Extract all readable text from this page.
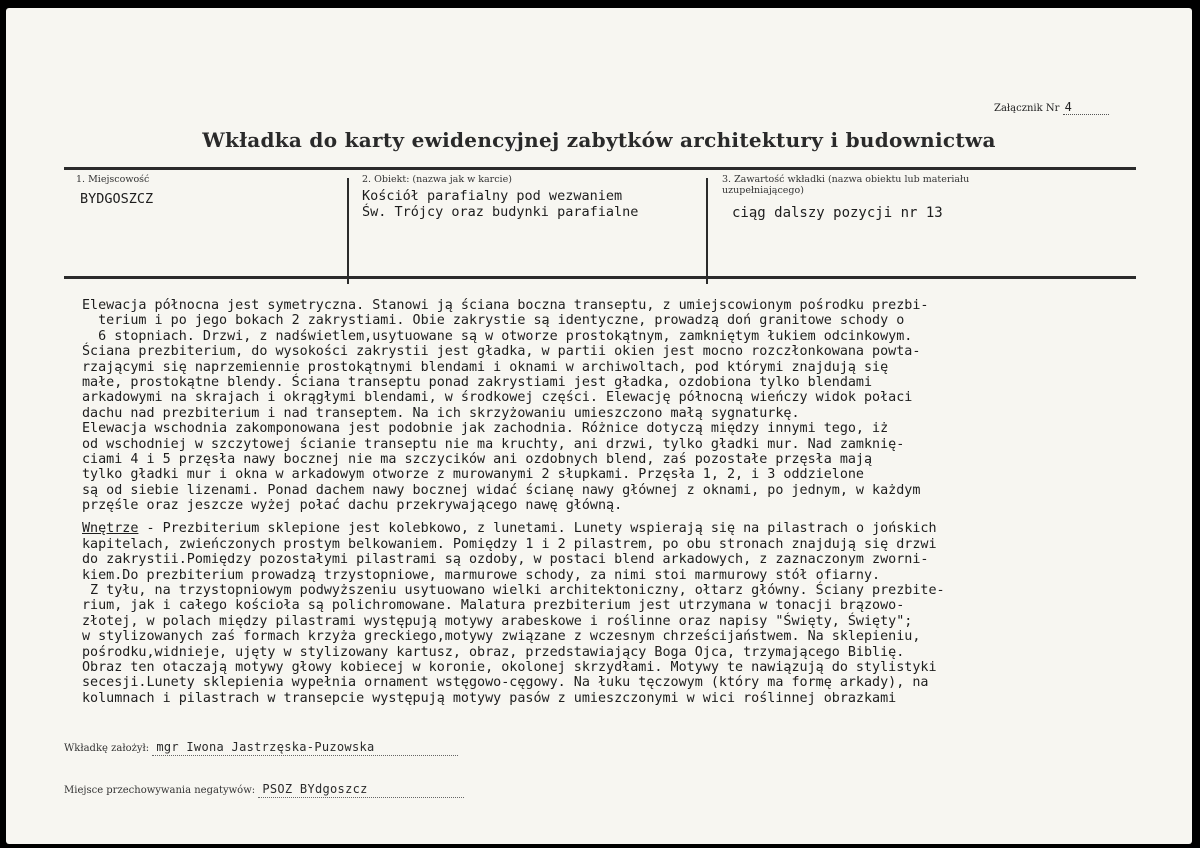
Załącznik Nr 4
Wkładka do karty ewidencyjnej zabytków architektury i budownictwa
1. Miejscowość
BYDGOSZCZ
2. Obiekt: (nazwa jak w karcie)
Kościół parafialny pod wezwaniem
Św. Trójcy oraz budynki parafialne
3. Zawartość wkładki (nazwa obiektu lub materiału
uzupełniającego)
ciąg dalszy pozycji nr 13
Elewacja północna jest symetryczna. Stanowi ją ściana boczna transeptu, z umiejscowionym pośrodku prezbi-
terium i po jego bokach 2 zakrystiami. Obie zakrystie są identyczne, prowadzą doń granitowe schody o
6 stopniach. Drzwi, z nadświetlem,usytuowane są w otworze prostokątnym, zamkniętym łukiem odcinkowym.
Ściana prezbiterium, do wysokości zakrystii jest gładka, w partii okien jest mocno rozczłonkowana powta-
rzającymi się naprzemiennie prostokątnymi blendami i oknami w archiwoltach, pod którymi znajdują się
małe, prostokątne blendy. Ściana transeptu ponad zakrystiami jest gładka, ozdobiona tylko blendami
arkadowymi na skrajach i okrągłymi blendami, w środkowej części. Elewację północną wieńczy widok połaci
dachu nad prezbiterium i nad transeptem. Na ich skrzyżowaniu umieszczono małą sygnaturkę.
Elewacja wschodnia zakomponowana jest podobnie jak zachodnia. Różnice dotyczą między innymi tego, iż
od wschodniej w szczytowej ścianie transeptu nie ma kruchty, ani drzwi, tylko gładki mur. Nad zamknię-
ciami 4 i 5 przęsła nawy bocznej nie ma szczycików ani ozdobnych blend, zaś pozostałe przęsła mają
tylko gładki mur i okna w arkadowym otworze z murowanymi 2 słupkami. Przęsła 1, 2, i 3 oddzielone
są od siebie lizenami. Ponad dachem nawy bocznej widać ścianę nawy głównej z oknami, po jednym, w każdym
przęśle oraz jeszcze wyżej połać dachu przekrywającego nawę główną.
Wnętrze - Prezbiterium sklepione jest kolebkowo, z lunetami. Lunety wspierają się na pilastrach o jońskich
kapitelach, zwieńczonych prostym belkowaniem. Pomiędzy 1 i 2 pilastrem, po obu stronach znajdują się drzwi
do zakrystii.Pomiędzy pozostałymi pilastrami są ozdoby, w postaci blend arkadowych, z zaznaczonym zworni-
kiem.Do prezbiterium prowadzą trzystopniowe, marmurowe schody, za nimi stoi marmurowy stół ofiarny.
Z tyłu, na trzystopniowym podwyższeniu usytuowano wielki architektoniczny, ołtarz główny. Ściany prezbite-
rium, jak i całego kościoła są polichromowane. Malatura prezbiterium jest utrzymana w tonacji brązowo-
złotej, w polach między pilastrami występują motywy arabeskowe i roślinne oraz napisy "Święty, Święty";
w stylizowanych zaś formach krzyża greckiego,motywy związane z wczesnym chrześcijaństwem. Na sklepieniu,
pośrodku,widnieje, ujęty w stylizowany kartusz, obraz, przedstawiający Boga Ojca, trzymającego Biblię.
Obraz ten otaczają motywy głowy kobiecej w koronie, okolonej skrzydłami. Motywy te nawiązują do stylistyki
secesji.Lunety sklepienia wypełnia ornament wstęgowo-cęgowy. Na łuku tęczowym (który ma formę arkady), na
kolumnach i pilastrach w transepcie występują motywy pasów z umieszczonymi w wici roślinnej obrazkami
Wkładkę założył: mgr Iwona Jastrzęska-Puzowska
Miejsce przechowywania negatywów: PSOZ BYdgoszcz
